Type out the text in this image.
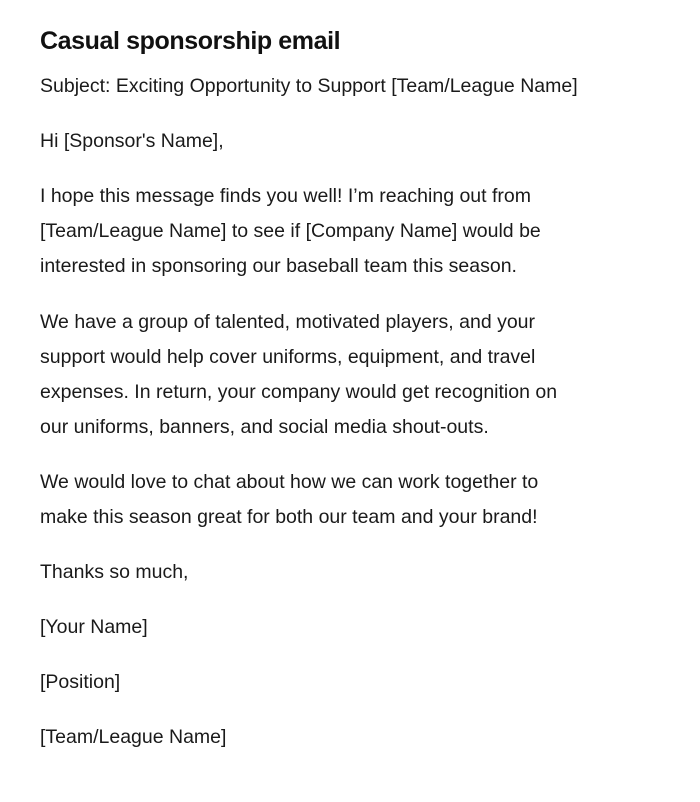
Casual sponsorship email

Subject: Exciting Opportunity to Support [Team/League Name]

Hi [Sponsor's Name],

I hope this message finds you well! I’m reaching out from
[Team/League Name] to see if [Company Name] would be
interested in sponsoring our baseball team this season.

We have a group of talented, motivated players, and your
support would help cover uniforms, equipment, and travel
expenses. In return, your company would get recognition on
our uniforms, banners, and social media shout-outs.

We would love to chat about how we can work together to
make this season great for both our team and your brand!

Thanks so much,

[Your Name]

[Position]

[Team/League Name]
